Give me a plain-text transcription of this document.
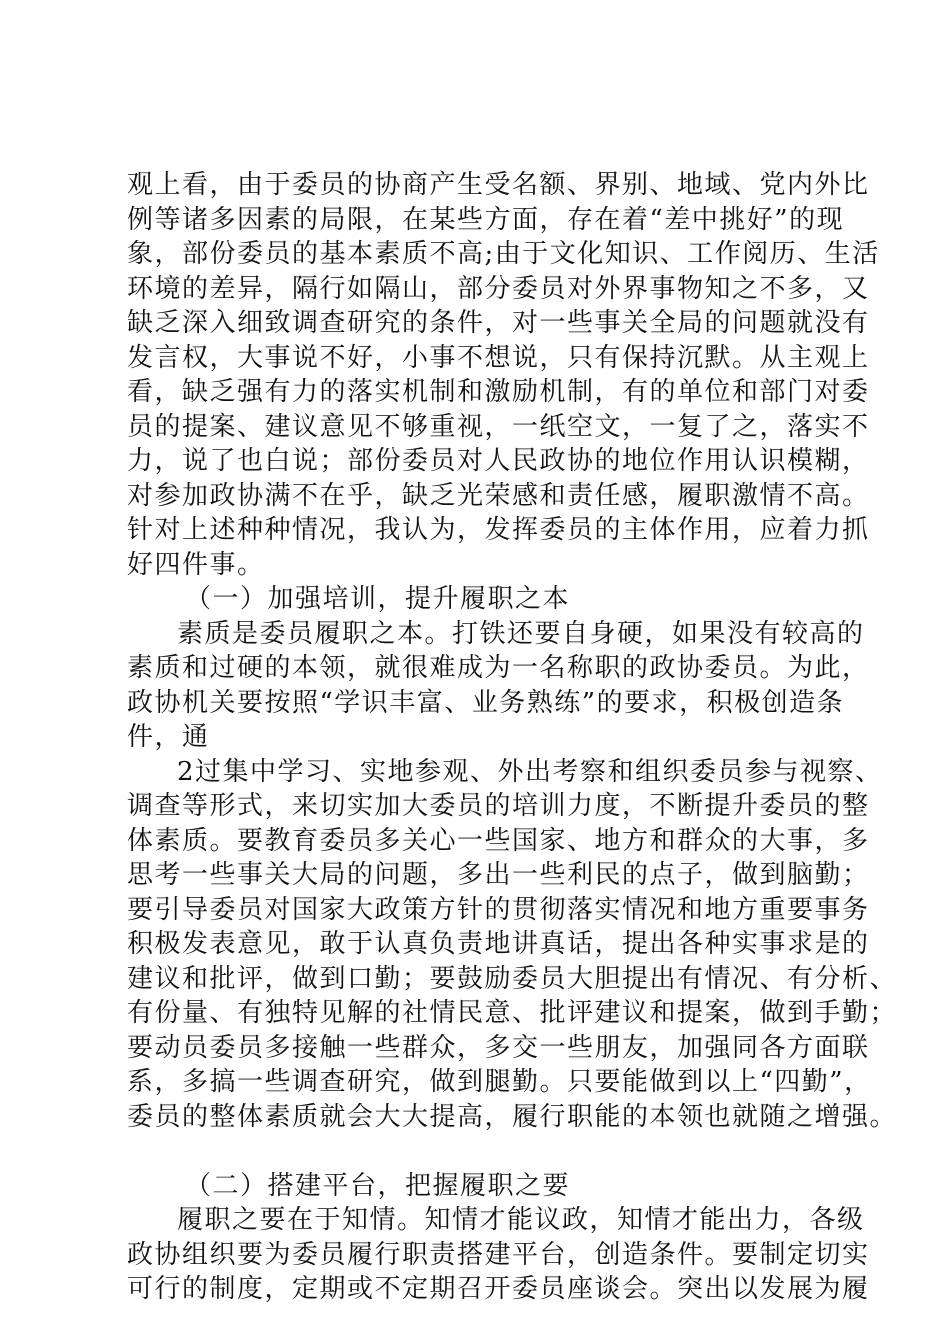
观上看，由于委员的协商产生受名额、界别、地域、党内外比
例等诸多因素的局限，在某些方面，存在着“差中挑好”的现
象，部份委员的基本素质不高;由于文化知识、工作阅历、生活
环境的差异，隔行如隔山，部分委员对外界事物知之不多，又
缺乏深入细致调查研究的条件，对一些事关全局的问题就没有
发言权，大事说不好，小事不想说，只有保持沉默。从主观上
看，缺乏强有力的落实机制和激励机制，有的单位和部门对委
员的提案、建议意见不够重视，一纸空文，一复了之，落实不
力，说了也白说；部份委员对人民政协的地位作用认识模糊，
对参加政协满不在乎，缺乏光荣感和责任感，履职激情不高。
针对上述种种情况，我认为，发挥委员的主体作用，应着力抓
好四件事。
（一）加强培训，提升履职之本
素质是委员履职之本。打铁还要自身硬，如果没有较高的
素质和过硬的本领，就很难成为一名称职的政协委员。为此，
政协机关要按照“学识丰富、业务熟练”的要求，积极创造条
件，通
2过集中学习、实地参观、外出考察和组织委员参与视察、
调查等形式，来切实加大委员的培训力度，不断提升委员的整
体素质。要教育委员多关心一些国家、地方和群众的大事，多
思考一些事关大局的问题，多出一些利民的点子，做到脑勤；
要引导委员对国家大政策方针的贯彻落实情况和地方重要事务
积极发表意见，敢于认真负责地讲真话，提出各种实事求是的
建议和批评，做到口勤；要鼓励委员大胆提出有情况、有分析、
有份量、有独特见解的社情民意、批评建议和提案，做到手勤；
要动员委员多接触一些群众，多交一些朋友，加强同各方面联
系，多搞一些调查研究，做到腿勤。只要能做到以上“四勤”，
委员的整体素质就会大大提高，履行职能的本领也就随之增强。
（二）搭建平台，把握履职之要
履职之要在于知情。知情才能议政，知情才能出力，各级
政协组织要为委员履行职责搭建平台，创造条件。要制定切实
可行的制度，定期或不定期召开委员座谈会。突出以发展为履
